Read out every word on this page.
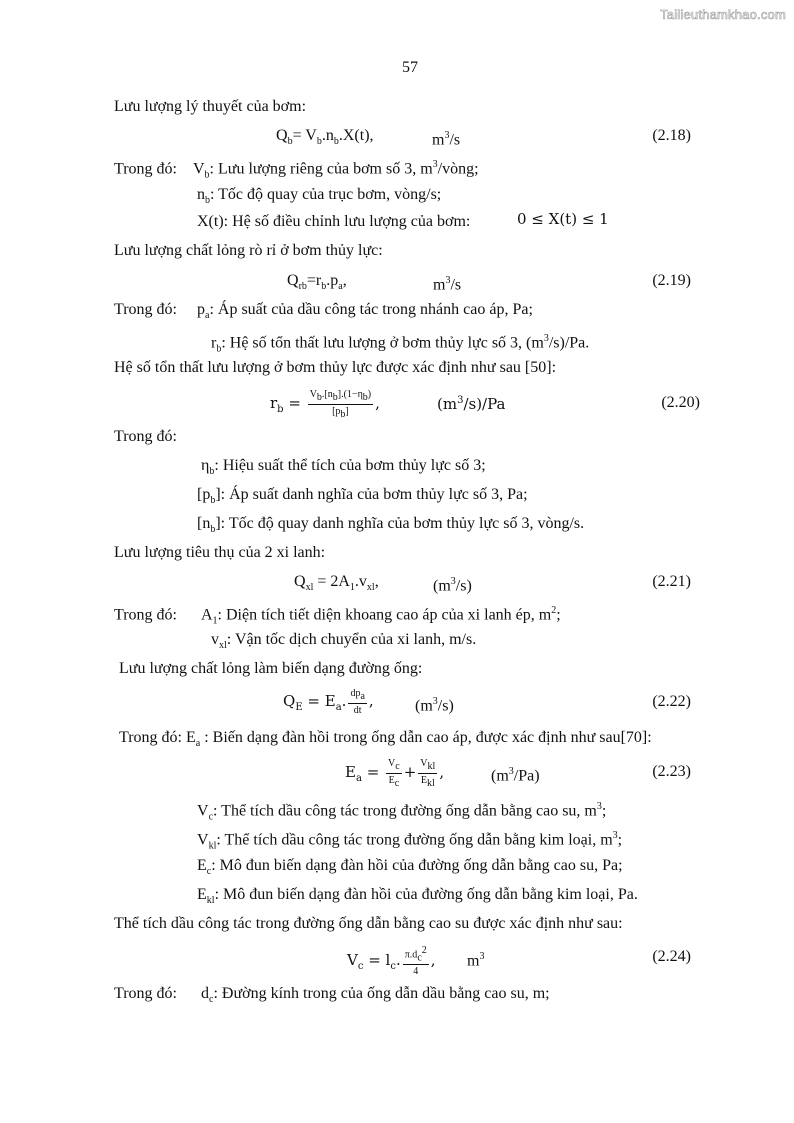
Tailieuthamkhao.com
57
Lưu lượng lý thuyết của bơm:
$Q_b= V_b.n_b.X(t)$,	$m^3/s$	(2.18)
Trong đó: $V_b$: Lưu lượng riêng của bơm số 3, $m^3$/vòng;
$n_b$: Tốc độ quay của trục bơm, vòng/s;
X(t): Hệ số điều chỉnh lưu lượng của bơm:	0 ≤ X(t) ≤ 1
Lưu lượng chất lỏng rò rỉ ở bơm thủy lực:
$Q_{rb}=r_b.p_a$,	$m^3/s$	(2.19)
Trong đó:     $p_a$: Áp suất của dầu công tác trong nhánh cao áp, Pa;
$r_b$: Hệ số tổn thất lưu lượng ở bơm thủy lực số 3, $(m^3/s)/Pa$.
Hệ số tổn thất lưu lượng ở bơm thủy lực được xác định như sau [50]:
$r_b = \frac{V_b.[n_b].(1-\eta_b)}{[p_b]}$ ,	$(m^3/s)/Pa$	(2.20)
Trong đó:
$\eta_b$: Hiệu suất thể tích của bơm thủy lực số 3;
$[p_b]$: Áp suất danh nghĩa của bơm thủy lực số 3, Pa;
$[n_b]$: Tốc độ quay danh nghĩa của bơm thủy lực số 3, vòng/s.
Lưu lượng tiêu thụ của 2 xi lanh:
$Q_{xl} = 2A_1.v_{xl}$,	$(m^3/s)$	(2.21)
Trong đó:      $A_1$: Diện tích tiết diện khoang cao áp của xi lanh ép, $m^2$;
$v_{xl}$: Vận tốc dịch chuyển của xi lanh, m/s.
Lưu lượng chất lỏng làm biến dạng đường ống:
$Q_E = E_a$. $\frac{dp_a}{dt}$ ,	$(m^3/s)$	(2.22)
Trong đó: $E_a$ : Biến dạng đàn hồi trong ống dẫn cao áp, được xác định như sau[70]:
$E_a = \frac{V_c}{E_c} + \frac{V_{kl}}{E_{kl}}$ ,	$(m^3/Pa)$	(2.23)
$V_c$: Thể tích dầu công tác trong đường ống dẫn bằng cao su, $m^3$;
$V_{kl}$: Thể tích dầu công tác trong đường ống dẫn bằng kim loại, $m^3$;
$E_c$: Mô đun biến dạng đàn hồi của đường ống dẫn bằng cao su, Pa;
$E_{kl}$: Mô đun biến dạng đàn hồi của đường ống dẫn bằng kim loại, Pa.
Thể tích dầu công tác trong đường ống dẫn bằng cao su được xác định như sau:
$V_c = l_c$. $\frac{\pi.d_c^2}{4}$ , $m^3$	(2.24)
Trong đó:      $d_c$: Đường kính trong của ống dẫn dầu bằng cao su, m;
